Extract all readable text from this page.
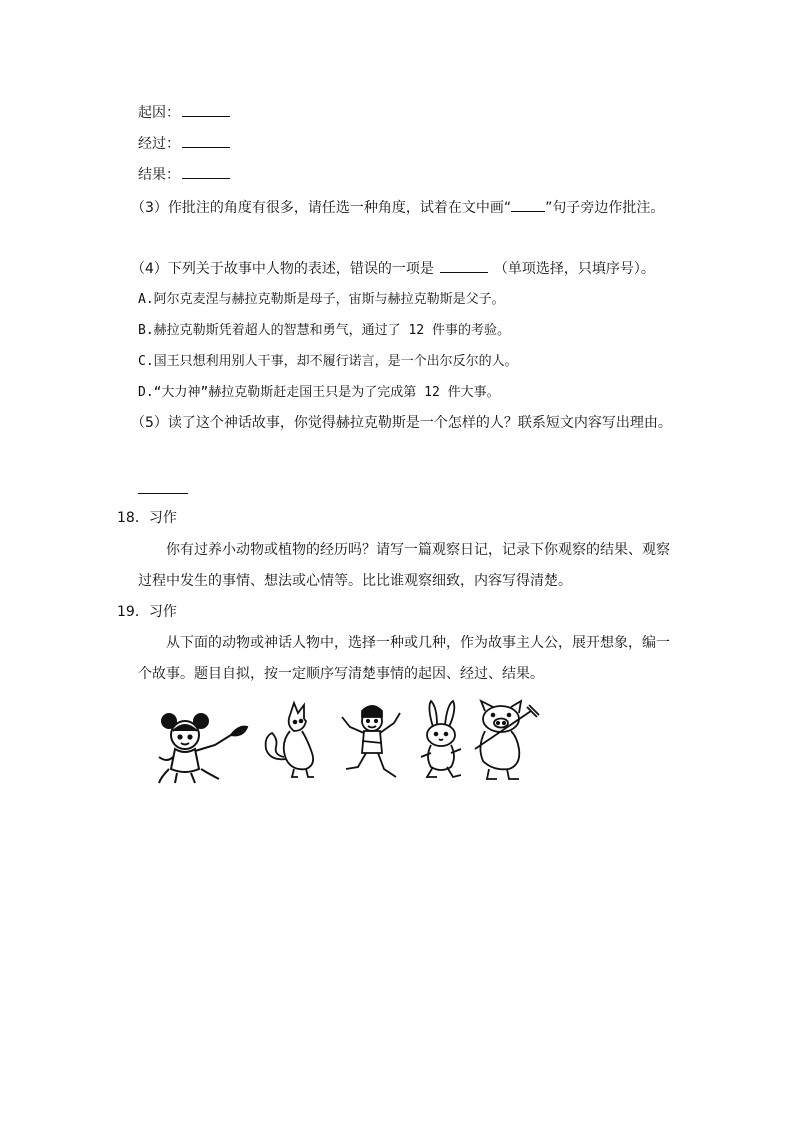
起因：
经过：
结果：
（3）作批注的角度有很多，请任选一种角度，试着在文中画“ ”句子旁边作批注。
（4）下列关于故事中人物的表述，错误的一项是	（单项选择，只填序号）。
A.阿尔克麦涅与赫拉克勒斯是母子，宙斯与赫拉克勒斯是父子。
B.赫拉克勒斯凭着超人的智慧和勇气，通过了 12 件事的考验。
C.国王只想利用别人干事，却不履行诺言，是一个出尔反尔的人。
D.“大力神”赫拉克勒斯赶走国王只是为了完成第 12 件大事。
（5）读了这个神话故事，你觉得赫拉克勒斯是一个怎样的人？联系短文内容写出理由。
18．习作
你有过养小动物或植物的经历吗？请写一篇观察日记，记录下你观察的结果、观察
过程中发生的事情、想法或心情等。比比谁观察细致，内容写得清楚。
19．习作
从下面的动物或神话人物中，选择一种或几种，作为故事主人公，展开想象，编一
个故事。题目自拟，按一定顺序写清楚事情的起因、经过、结果。
